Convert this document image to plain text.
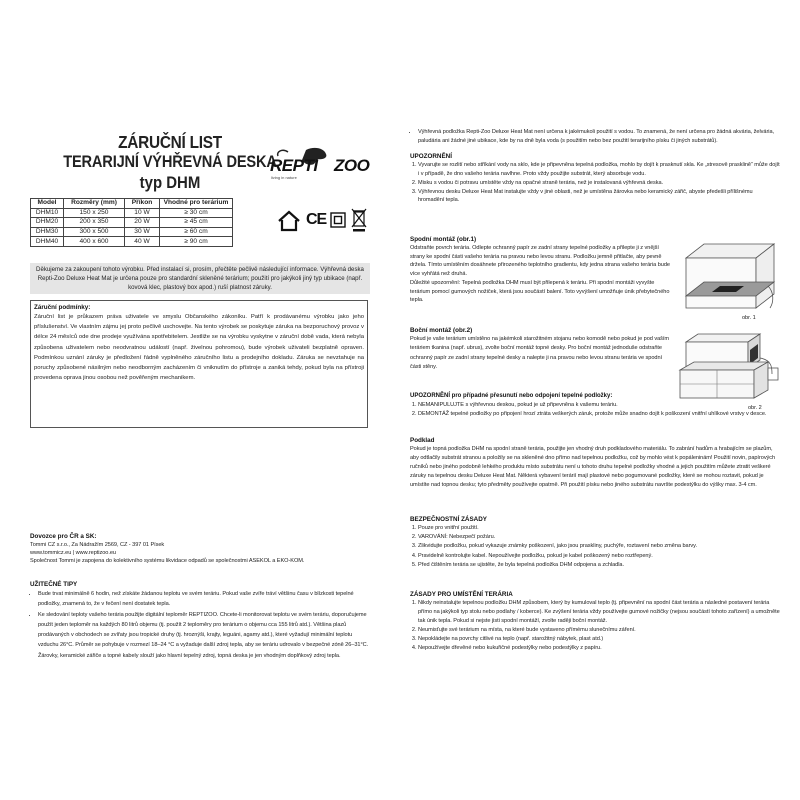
ZÁRUČNÍ LIST
TERARIJNÍ VÝHŘEVNÁ DESKA
typ DHM
REPTI ZOO
living in nature
Model	Rozměry (mm)	Příkon	Vhodné pro terárium
DHM10	150 x 250	10 W	≥ 30 cm
DHM20	200 x 350	20 W	≥ 45 cm
DHM30	300 x 500	30 W	≥ 60 cm
DHM40	400 x 600	40 W	≥ 90 cm
CE
Děkujeme za zakoupení tohoto výrobku. Před instalací si, prosím, přečtěte pečlivě následující informace. Výhřevná deska Repti-Zoo Deluxe Heat Mat je určena pouze pro standardní skleněné terárium; použití pro jakýkoli jiný typ ubikace (např. kovová klec, plastový box apod.) ruší platnost záruky.
Záruční podmínky:

Záruční list je průkazem práva uživatele ve smyslu Občanského zákoníku. Patří k prodávanému výrobku jako jeho příslušenství. Ve vlastním zájmu jej proto pečlivě uschovejte. Na tento výrobek se poskytuje záruka na bezporuchový provoz v délce 24 měsíců ode dne prodeje využívána spotřebitelem. Jestliže se na výrobku vyskytne v záruční době vada, která nebyla způsobena uživatelem nebo neodvratnou událostí (např. živelnou pohromou), bude výrobek uživateli bezplatně opraven. Podmínkou uznání záruky je předložení řádně vyplněného záručního listu a prodejního dokladu. Záruka se nevztahuje na poruchy způsobené násilným nebo neodborným zacházením či vniknutím do přístroje a zaniká tehdy, pokud byla na přístroji provedena oprava jinou osobou než pověřeným mechanikem.

Dovozce pro ČR a SK:
Tommi CZ s.r.o., Za Nádražím 2569, CZ - 397 01 Písek
www.tommicz.eu | www.reptizoo.eu
Společnost Tommi je zapojena do kolektivního systému likvidace odpadů se společnostmi ASEKOL a EKO-KOM.
UŽITEČNÉ TIPY
• Bude trvat minimálně 6 hodin, než získáte žádanou teplotu ve svém teráriu. Pokud vaše zvíře tráví většinu času v blízkosti tepelné podložky, znamená to, že v řečení není dostatek tepla.
• Ke sledování teploty vašeho terária použijte digitální teploměr REPTIZOO. Chcete-li monitorovat teplotu ve svém teráriu, doporučujeme použít jeden teploměr na každých 80 litrů objemu (tj. použít 2 teploměry pro terárium o objemu cca 155 litrů atd.). Většina plazů prodávaných v obchodech se zvířaty jsou tropické druhy (tj. hroznýši, krajty, leguáni, agamy atd.), které vyžadují minimální teplotu vzduchu 26°C. Průměr se pohybuje v rozmezí 18–24 °C a vyžaduje další zdroj tepla, aby se teráriu udrovalo v bezpečné zóně 26–31°C. Žárovky, keramické zářiče a topné kabely slouží jako hlavní tepelný zdroj, topná deska je jen vhodným doplňkový zdroj tepla.
• Výhřevná podložka Repti-Zoo Deluxe Heat Mat není určena k jakémukoli použití s vodou. To znamená, že není určena pro žádná akvária, želvária, paludária ani žádné jiné ubikace, kde by na dně byla voda (s použitím nebo bez použití terarijního písku či jiných substrátů).
UPOZORNĚNÍ
1. Vyvarujte se rozlití nebo stříkání vody na sklo, kde je připevněna tepelná podložka, mohlo by dojít k prasknutí skla. Ke „stresově prasklině“ může dojít i v případě, že dno vašeho terária navlhne. Proto vždy použijte substrát, který absorbuje vodu.
2. Misku s vodou či potravu umístěte vždy na opačné straně terária, než je instalovaná výhřevná deska.
3. Výhřevnou desku Deluxe Heat Mat instalujte vždy v jiné oblasti, než je umístěna žárovka nebo keramický zářič, abyste předešli přílišnému hromadění tepla.
Spodní montáž (obr.1)

Odstraňte povrch terária. Odlepte ochranný papír ze zadní strany tepelné podložky a přilepte ji z vnější strany ke spodní části vašeho terária na pravou nebo levou stranu. Podložku jemně přitlačte, aby pevně držela. Tímto umístěním dosáhnete přirozeného teplotního gradientu, kdy jedna strana vašeho terária bude více vyhřátá než druhá.

Důležité upozornění: Tepelná podložka DHM musí být přilepená k teráriu. Při spodní montáži vyvyšte terárium pomocí gumových nožiček, která jsou součástí balení. Toto vyvýšení umožňuje únik přebytečného tepla.

obr. 1
Boční montáž (obr.2)

Pokud je vaše terárium umístěno na jakémkoli starožitném stojanu nebo komodě nebo pokud je pod vaším teráriem tkanina (např. ubrus), zvolte boční montáž topné desky. Pro boční montáž jednoduše odstraňte ochranný papír ze zadní strany tepelné desky a nalepte ji na pravou nebo levou stranu terária ve spodní části stěny.

obr. 2
UPOZORNĚNÍ pro případné přesunutí nebo odpojení tepelné podložky:
1. NEMANIPULUJTE s výhřevnou deskou, pokud je už připevněna k vašemu teráriu.
2. DEMONTÁŽ tepelné podložky po připojení hrozí ztráta veškerých záruk, protože může snadno dojít k poškození vnitřní uhlíkové vrstvy v desce.
Podklad

Pokud je topná podložka DHM na spodní straně terária, použijte jen vhodný druh podkladového materiálu. To zabrání hadům a hrabajícím se plazům, aby odtlačily substrát stranou a položily se na skleněné dno přímo nad tepelnou podložku, což by mohlo vést k popáleninám! Použití novin, papírových ručníků nebo jiného podobně lehkého produktu místo substrátu není u tohoto druhu tepelné podložky vhodné a jejich použitím můžete ztratit veškeré záruky na tepelnou desku Deluxe Heat Mat. Některá vybavení terárií mají plastové nebo pogumované podložky, které se mohou roztavit, pokud je umístíte nad topnou desku; tyto předměty používejte opatrně. Při použití písku nebo jiného substrátu navršte podestýlku do výšky max. 3-4 cm.

BEZPEČNOSTNÍ ZÁSADY
1. Pouze pro vnitřní použití.
2. VAROVÁNÍ: Nebezpečí požáru.
3. Zlikvidujte podložku, pokud vykazuje známky poškození, jako jsou praskliny, puchýře, roztavení nebo změna barvy.
4. Pravidelně kontrolujte kabel. Nepoužívejte podložku, pokud je kabel poškozený nebo roztřepený.
5. Před čištěním terária se ujistěte, že byla tepelná podložka DHM odpojena a zchladla.
ZÁSADY PRO UMÍSTĚNÍ TERÁRIA
1. Nikdy neinstalujte tepelnou podložku DHM způsobem, který by kumuloval teplo (tj. připevnění na spodní část terária a následné postavení terária přímo na jakýkoli typ stolu nebo podlahy / koberce). Ke zvýšení terária vždy používejte gumové nožičky (nejsou součástí tohoto zařízení) a umožněte tak únik tepla. Pokud si nejste jisti spodní montáží, zvolte raději boční montáž.
2. Neumisťujte své terárium na místa, na které bude vystaveno přímému slunečnímu záření.
3. Nepokládejte na povrchy citlivé na teplo (např. starožitný nábytek, plast atd.)
4. Nepoužívejte dřevěné nebo kukuřičné podestýlky nebo podestýlky z papíru.
